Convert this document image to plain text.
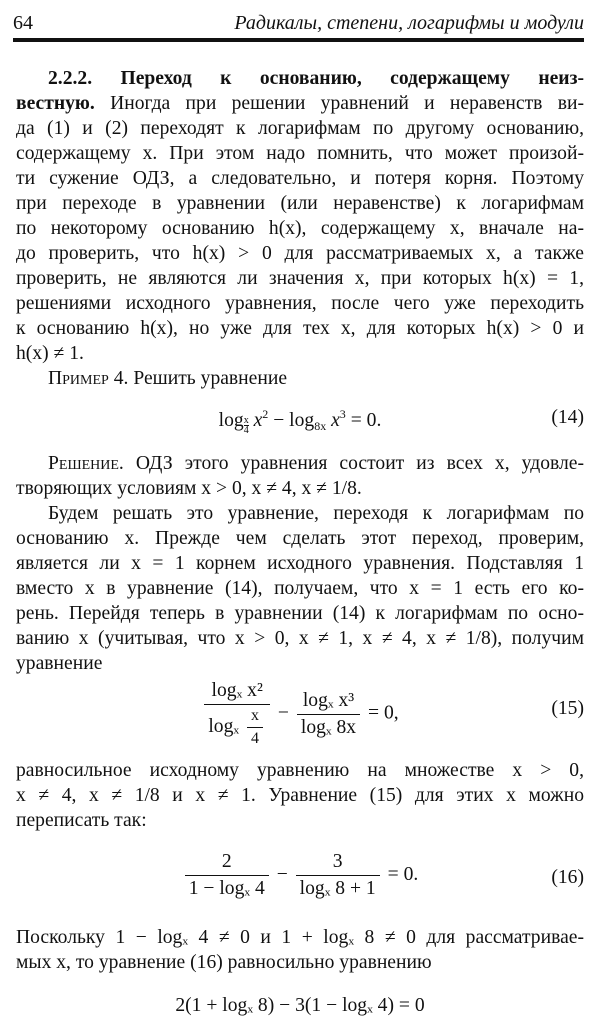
64	Радикалы, степени, логарифмы и модули
2.2.2. Переход к основанию, содержащему неиз-
вестную. Иногда при решении уравнений и неравенств ви-
да (1) и (2) переходят к логарифмам по другому основанию,
содержащему x. При этом надо помнить, что может произой-
ти сужение ОДЗ, а следовательно, и потеря корня. Поэтому
при переходе в уравнении (или неравенстве) к логарифмам
по некоторому основанию h(x), содержащему x, вначале на-
до проверить, что h(x) > 0 для рассматриваемых x, а также
проверить, не являются ли значения x, при которых h(x) = 1,
решениями исходного уравнения, после чего уже переходить
к основанию h(x), но уже для тех x, для которых h(x) > 0 и
h(x) ≠ 1.
Пример 4. Решить уравнение
$\log \frac{x}{4} x^2 - \log_{8x} x^3 = 0$.	(14)
Решение. ОДЗ этого уравнения состоит из всех x, удовле-
творяющих условиям x > 0, x ≠ 4, x ≠ 1/8.
Будем решать это уравнение, переходя к логарифмам по
основанию x. Прежде чем сделать этот переход, проверим,
является ли x = 1 корнем исходного уравнения. Подставляя 1
вместо x в уравнение (14), получаем, что x = 1 есть его ко-
рень. Перейдя теперь в уравнении (14) к логарифмам по осно-
ванию x (учитывая, что x > 0, x ≠ 1, x ≠ 4, x ≠ 1/8), получим
уравнение
$\frac{\text{logₓ x²}}{\log_x \frac{x}{4}} - \frac{\text{logₓ x³}}{\text{logₓ 8x}} = 0$,	(15)
равносильное исходному уравнению на множестве x > 0,
x ≠ 4, x ≠ 1/8 и x ≠ 1. Уравнение (15) для этих x можно
переписать так:
$\frac{2}{\text{1 − logₓ 4}} - \frac{3}{\text{logₓ 8 + 1}} = 0$.	(16)
Поскольку 1 − logₓ 4 ≠ 0 и 1 + logₓ 8 ≠ 0 для рассматривае-
мых x, то уравнение (16) равносильно уравнению
2(1 + logₓ 8) − 3(1 − logₓ 4) = 0
